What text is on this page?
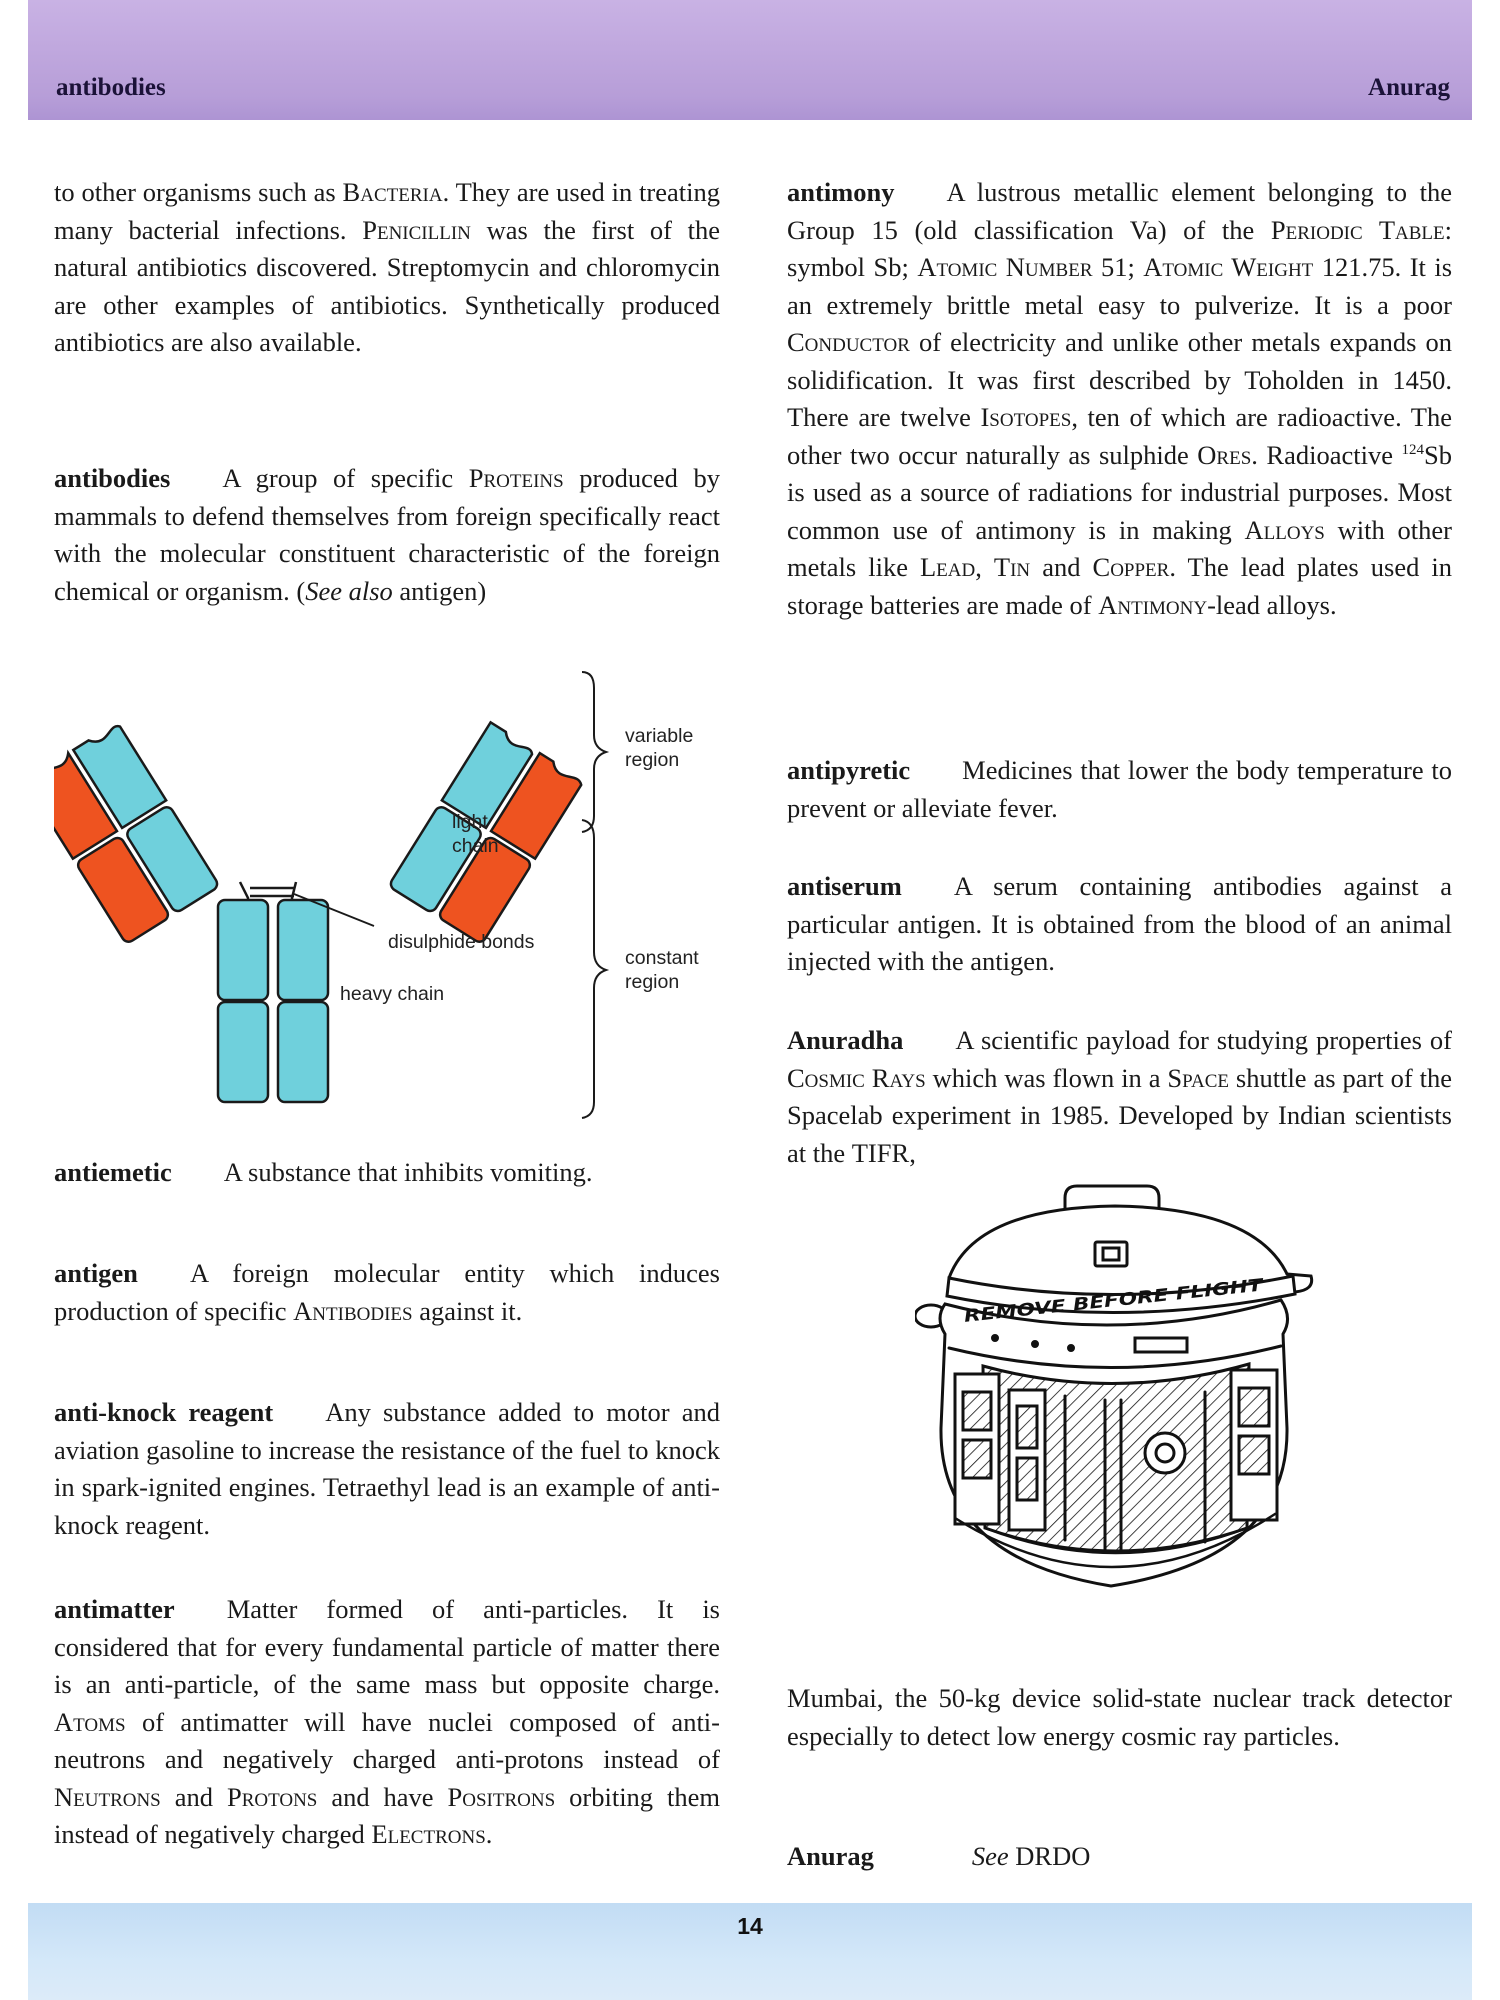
antibodies	Anurag

to other organisms such as Bacteria. They are used in treating many bacterial infections. Penicillin was the first of the natural antibiotics discovered. Streptomycin and chloromycin are other examples of antibiotics. Synthetically produced antibiotics are also available.

antibodies A group of specific Proteins produced by mammals to defend themselves from foreign specifically react with the molecular constituent characteristic of the foreign chemical or organism. (See also antigen)

variable region
light chain
disulphide bonds
constant region
heavy chain

antiemetic A substance that inhibits vomiting.

antigen A foreign molecular entity which induces production of specific Antibodies against it.

anti-knock reagent Any substance added to motor and aviation gasoline to increase the resistance of the fuel to knock in spark-ignited engines. Tetraethyl lead is an example of anti-knock reagent.

antimatter Matter formed of anti-particles. It is considered that for every fundamental particle of matter there is an anti-particle, of the same mass but opposite charge. Atoms of antimatter will have nuclei composed of anti-neutrons and negatively charged anti-protons instead of Neutrons and Protons and have Positrons orbiting them instead of negatively charged Electrons.

antimony A lustrous metallic element belonging to the Group 15 (old classification Va) of the Periodic Table: symbol Sb; Atomic Number 51; Atomic Weight 121.75. It is an extremely brittle metal easy to pulverize. It is a poor Conductor of electricity and unlike other metals expands on solidification. It was first described by Toholden in 1450. There are twelve Isotopes, ten of which are radioactive. The other two occur naturally as sulphide Ores. Radioactive $^{124}$Sb is used as a source of radiations for industrial purposes. Most common use of antimony is in making Alloys with other metals like Lead, Tin and Copper. The lead plates used in storage batteries are made of Antimony-lead alloys.

antipyretic Medicines that lower the body temperature to prevent or alleviate fever.

antiserum A serum containing antibodies against a particular antigen. It is obtained from the blood of an animal injected with the antigen.

Anuradha A scientific payload for studying properties of Cosmic Rays which was flown in a Space shuttle as part of the Spacelab experiment in 1985. Developed by Indian scientists at the TIFR,

REMOVE BEFORE FLIGHT

Mumbai, the 50-kg device solid-state nuclear track detector especially to detect low energy cosmic ray particles.

Anurag	See DRDO

14
